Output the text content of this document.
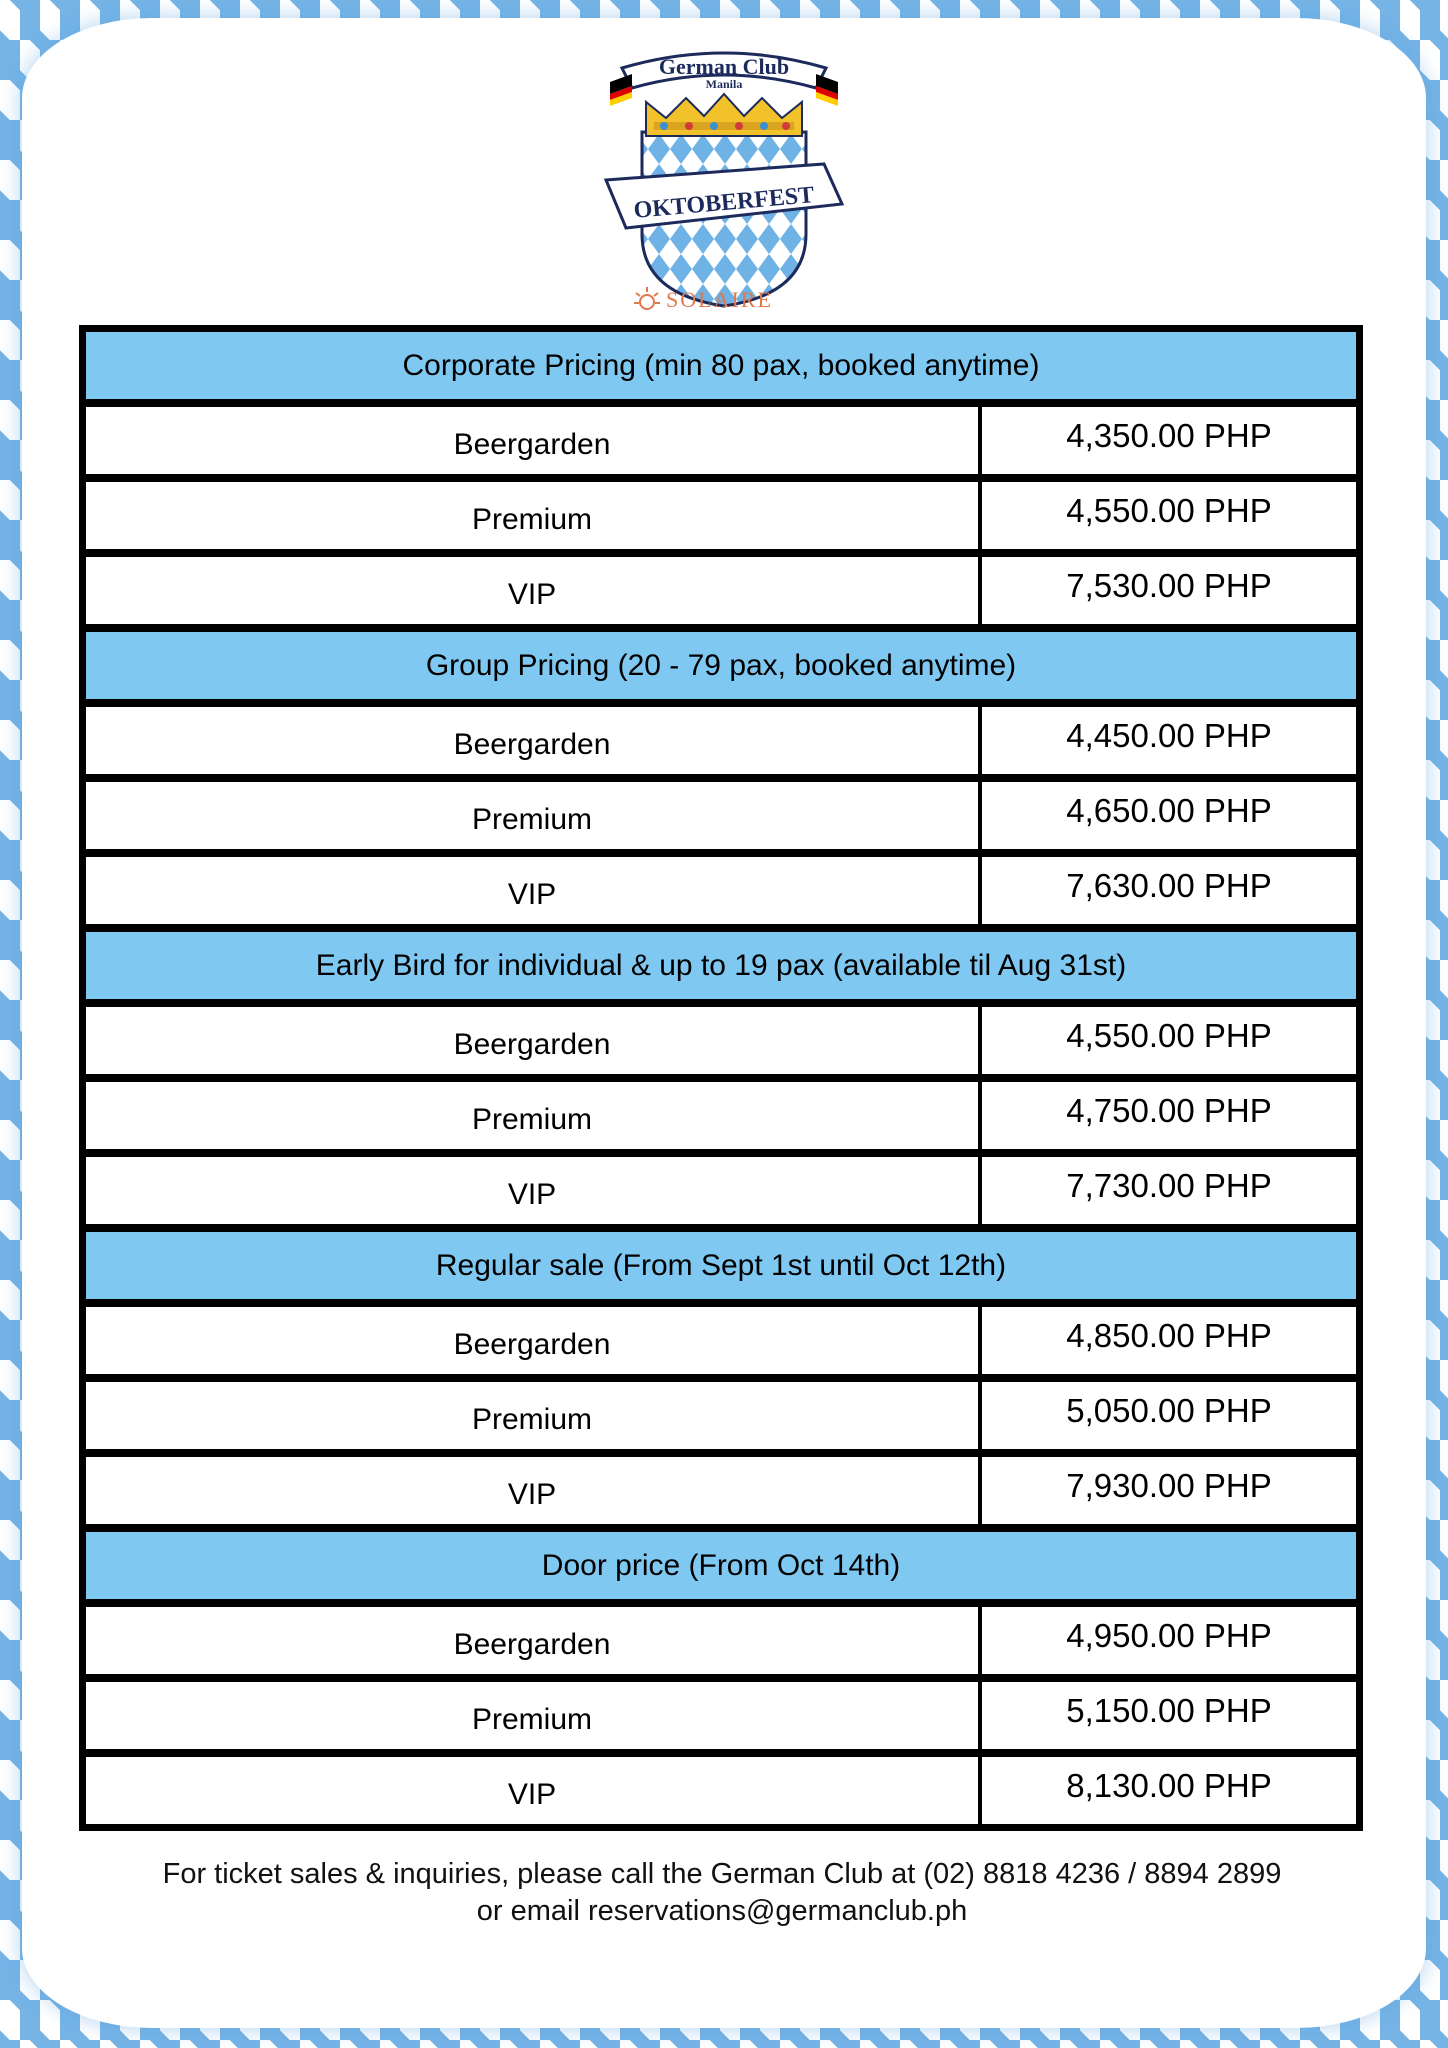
German Club
Manila
OKTOBERFEST
SOLAIRE
Corporate Pricing (min 80 pax, booked anytime)
Beergarden	4,350.00 PHP
Premium	4,550.00 PHP
VIP	7,530.00 PHP
Group Pricing (20 - 79 pax, booked anytime)
Beergarden	4,450.00 PHP
Premium	4,650.00 PHP
VIP	7,630.00 PHP
Early Bird for individual & up to 19 pax (available til Aug 31st)
Beergarden	4,550.00 PHP
Premium	4,750.00 PHP
VIP	7,730.00 PHP
Regular sale (From Sept 1st until Oct 12th)
Beergarden	4,850.00 PHP
Premium	5,050.00 PHP
VIP	7,930.00 PHP
Door price (From Oct 14th)
Beergarden	4,950.00 PHP
Premium	5,150.00 PHP
VIP	8,130.00 PHP
For ticket sales & inquiries, please call the German Club at (02) 8818 4236 / 8894 2899
or email reservations@germanclub.ph
